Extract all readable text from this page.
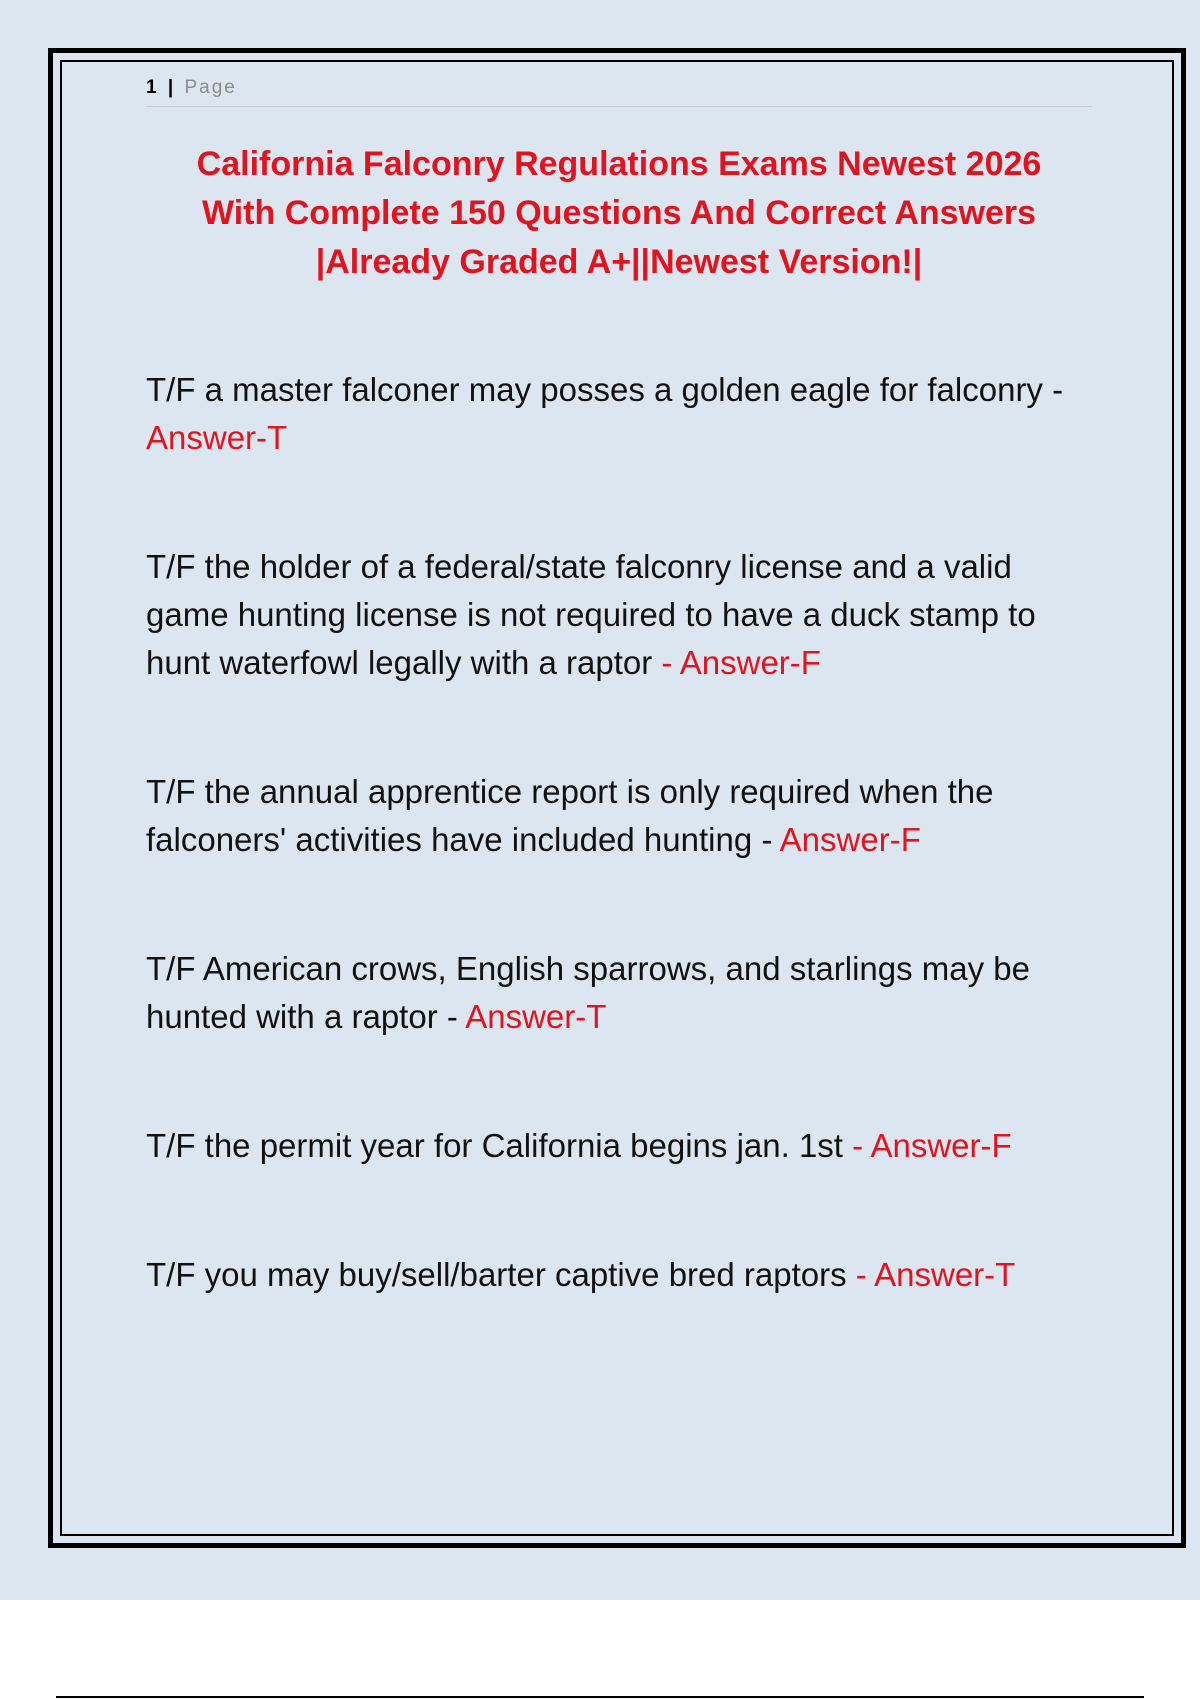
1 | Page
California Falconry Regulations Exams Newest 2026
With Complete 150 Questions And Correct Answers
|Already Graded A+||Newest Version!|

T/F a master falconer may posses a golden eagle for falconry - Answer-T

T/F the holder of a federal/state falconry license and a valid game hunting license is not required to have a duck stamp to hunt waterfowl legally with a raptor - Answer-F

T/F the annual apprentice report is only required when the falconers' activities have included hunting - Answer-F

T/F American crows, English sparrows, and starlings may be hunted with a raptor - Answer-T

T/F the permit year for California begins jan. 1st - Answer-F

T/F you may buy/sell/barter captive bred raptors - Answer-T
